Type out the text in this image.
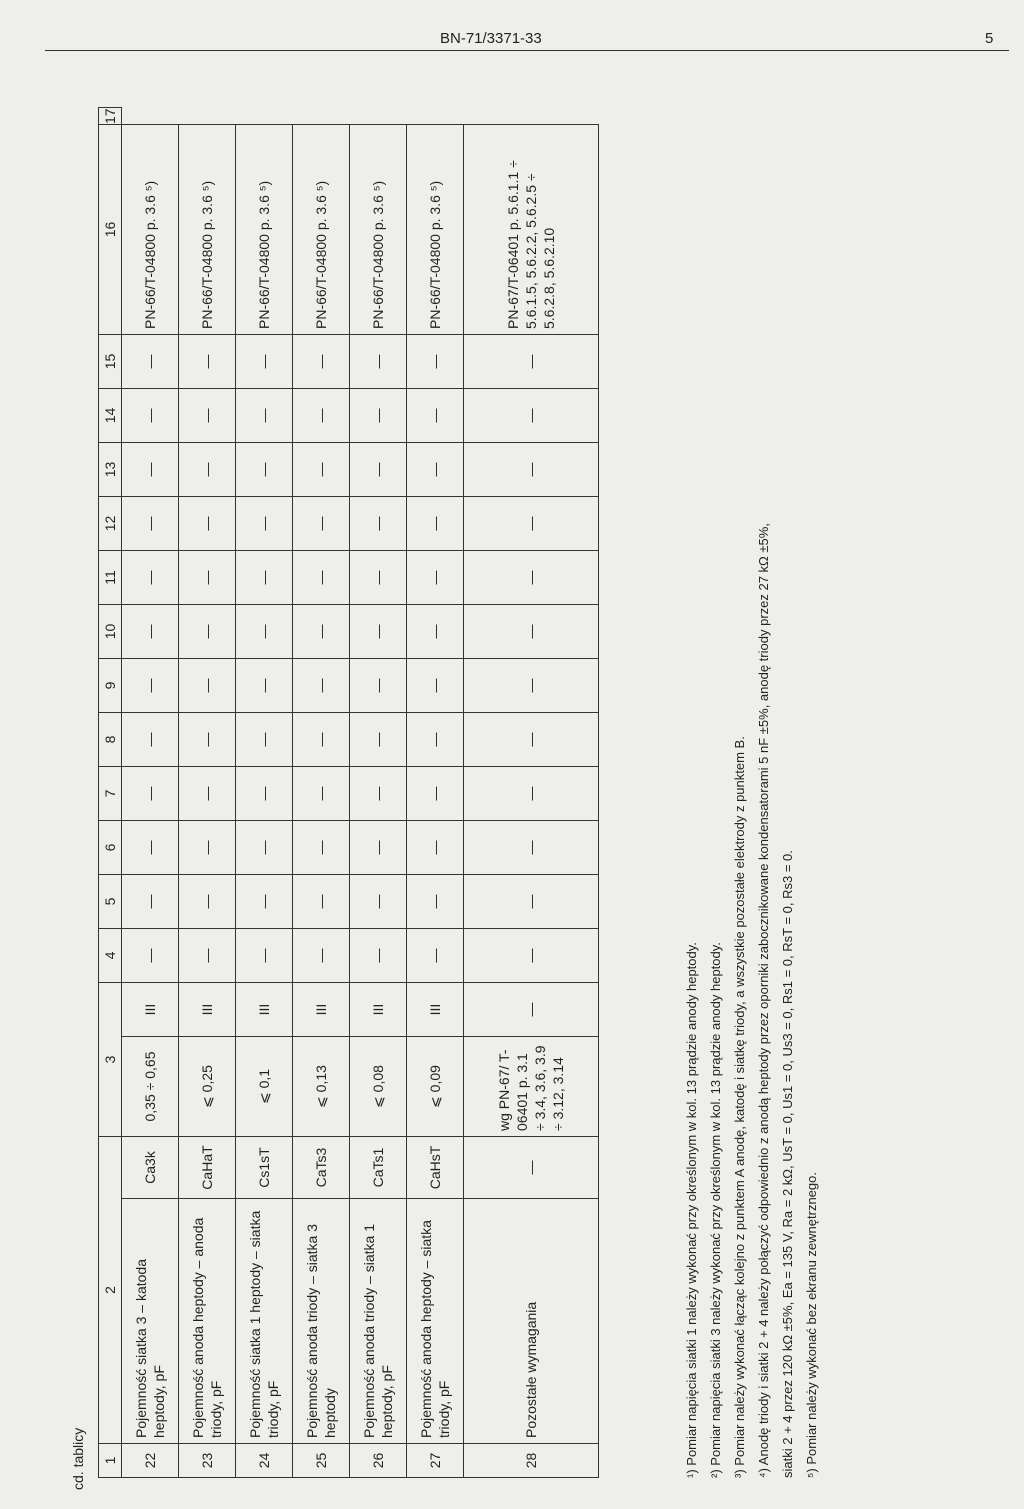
BN-71/3371-33	5
cd. tablicy 1	2		3		4	5	6	7	8	9	10	11	12	13	14	15	16	17
22	Pojemność siatka 3 – katoda heptody, pF	Ca3k	0,35 ÷ 0,65	III	—	—	—	—	—	—	—	—	—	—	—	—	PN-66/T-04800 p. 3.6 ⁵)	
23	Pojemność anoda heptody – anoda triody, pF	CaHaT	⩽ 0,25	III	—	—	—	—	—	—	—	—	—	—	—	—	PN-66/T-04800 p. 3.6 ⁵)	
24	Pojemność siatka 1 heptody – siatka triody, pF	Cs1sT	⩽ 0,1	III	—	—	—	—	—	—	—	—	—	—	—	—	PN-66/T-04800 p. 3.6 ⁵)	
25	Pojemność anoda triody – siatka 3 heptody	CaTs3	⩽ 0,13	III	—	—	—	—	—	—	—	—	—	—	—	—	PN-66/T-04800 p. 3.6 ⁵)	
26	Pojemność anoda triody – siatka 1 heptody, pF	CaTs1	⩽ 0,08	III	—	—	—	—	—	—	—	—	—	—	—	—	PN-66/T-04800 p. 3.6 ⁵)	
27	Pojemność anoda heptody – siatka triody, pF	CaHsT	⩽ 0,09	III	—	—	—	—	—	—	—	—	—	—	—	—	PN-66/T-04800 p. 3.6 ⁵)	
28	Pozostałe wymagania	—	wg PN-67/ T-06401 p. 3.1 ÷ 3.4, 3.6, 3.9 ÷ 3.12, 3.14	—	—	—	—	—	—	—	—	—	—	—	—	—	PN-67/T-06401 p. 5.6.1.1 ÷ 5.6.1.5, 5.6.2.2, 5.6.2.5 ÷ 5.6.2.8, 5.6.2.10	

¹) Pomiar napięcia siatki 1 należy wykonać przy określonym w kol. 13 prądzie anody heptody. ²) Pomiar napięcia siatki 3 należy wykonać przy określonym w kol. 13 prądzie anody heptody. ³) Pomiar należy wykonać łącząc kolejno z punktem A anodę, katodę i siatkę triody, a wszystkie pozostałe elektrody z punktem B. ⁴) Anodę triody i siatki 2 + 4 należy połączyć odpowiednio z anodą heptody przez oporniki zabocznikowane kondensatorami 5 nF ±5%, anodę triody przez 27 kΩ ±5%, siatki 2 + 4 przez 120 kΩ ±5%, Ea = 135 V, Ra = 2 kΩ, UsT = 0, Us1 = 0, Us3 = 0, Rs1 = 0, RsT = 0, Rs3 = 0. ⁵) Pomiar należy wykonać bez ekranu zewnętrznego.
